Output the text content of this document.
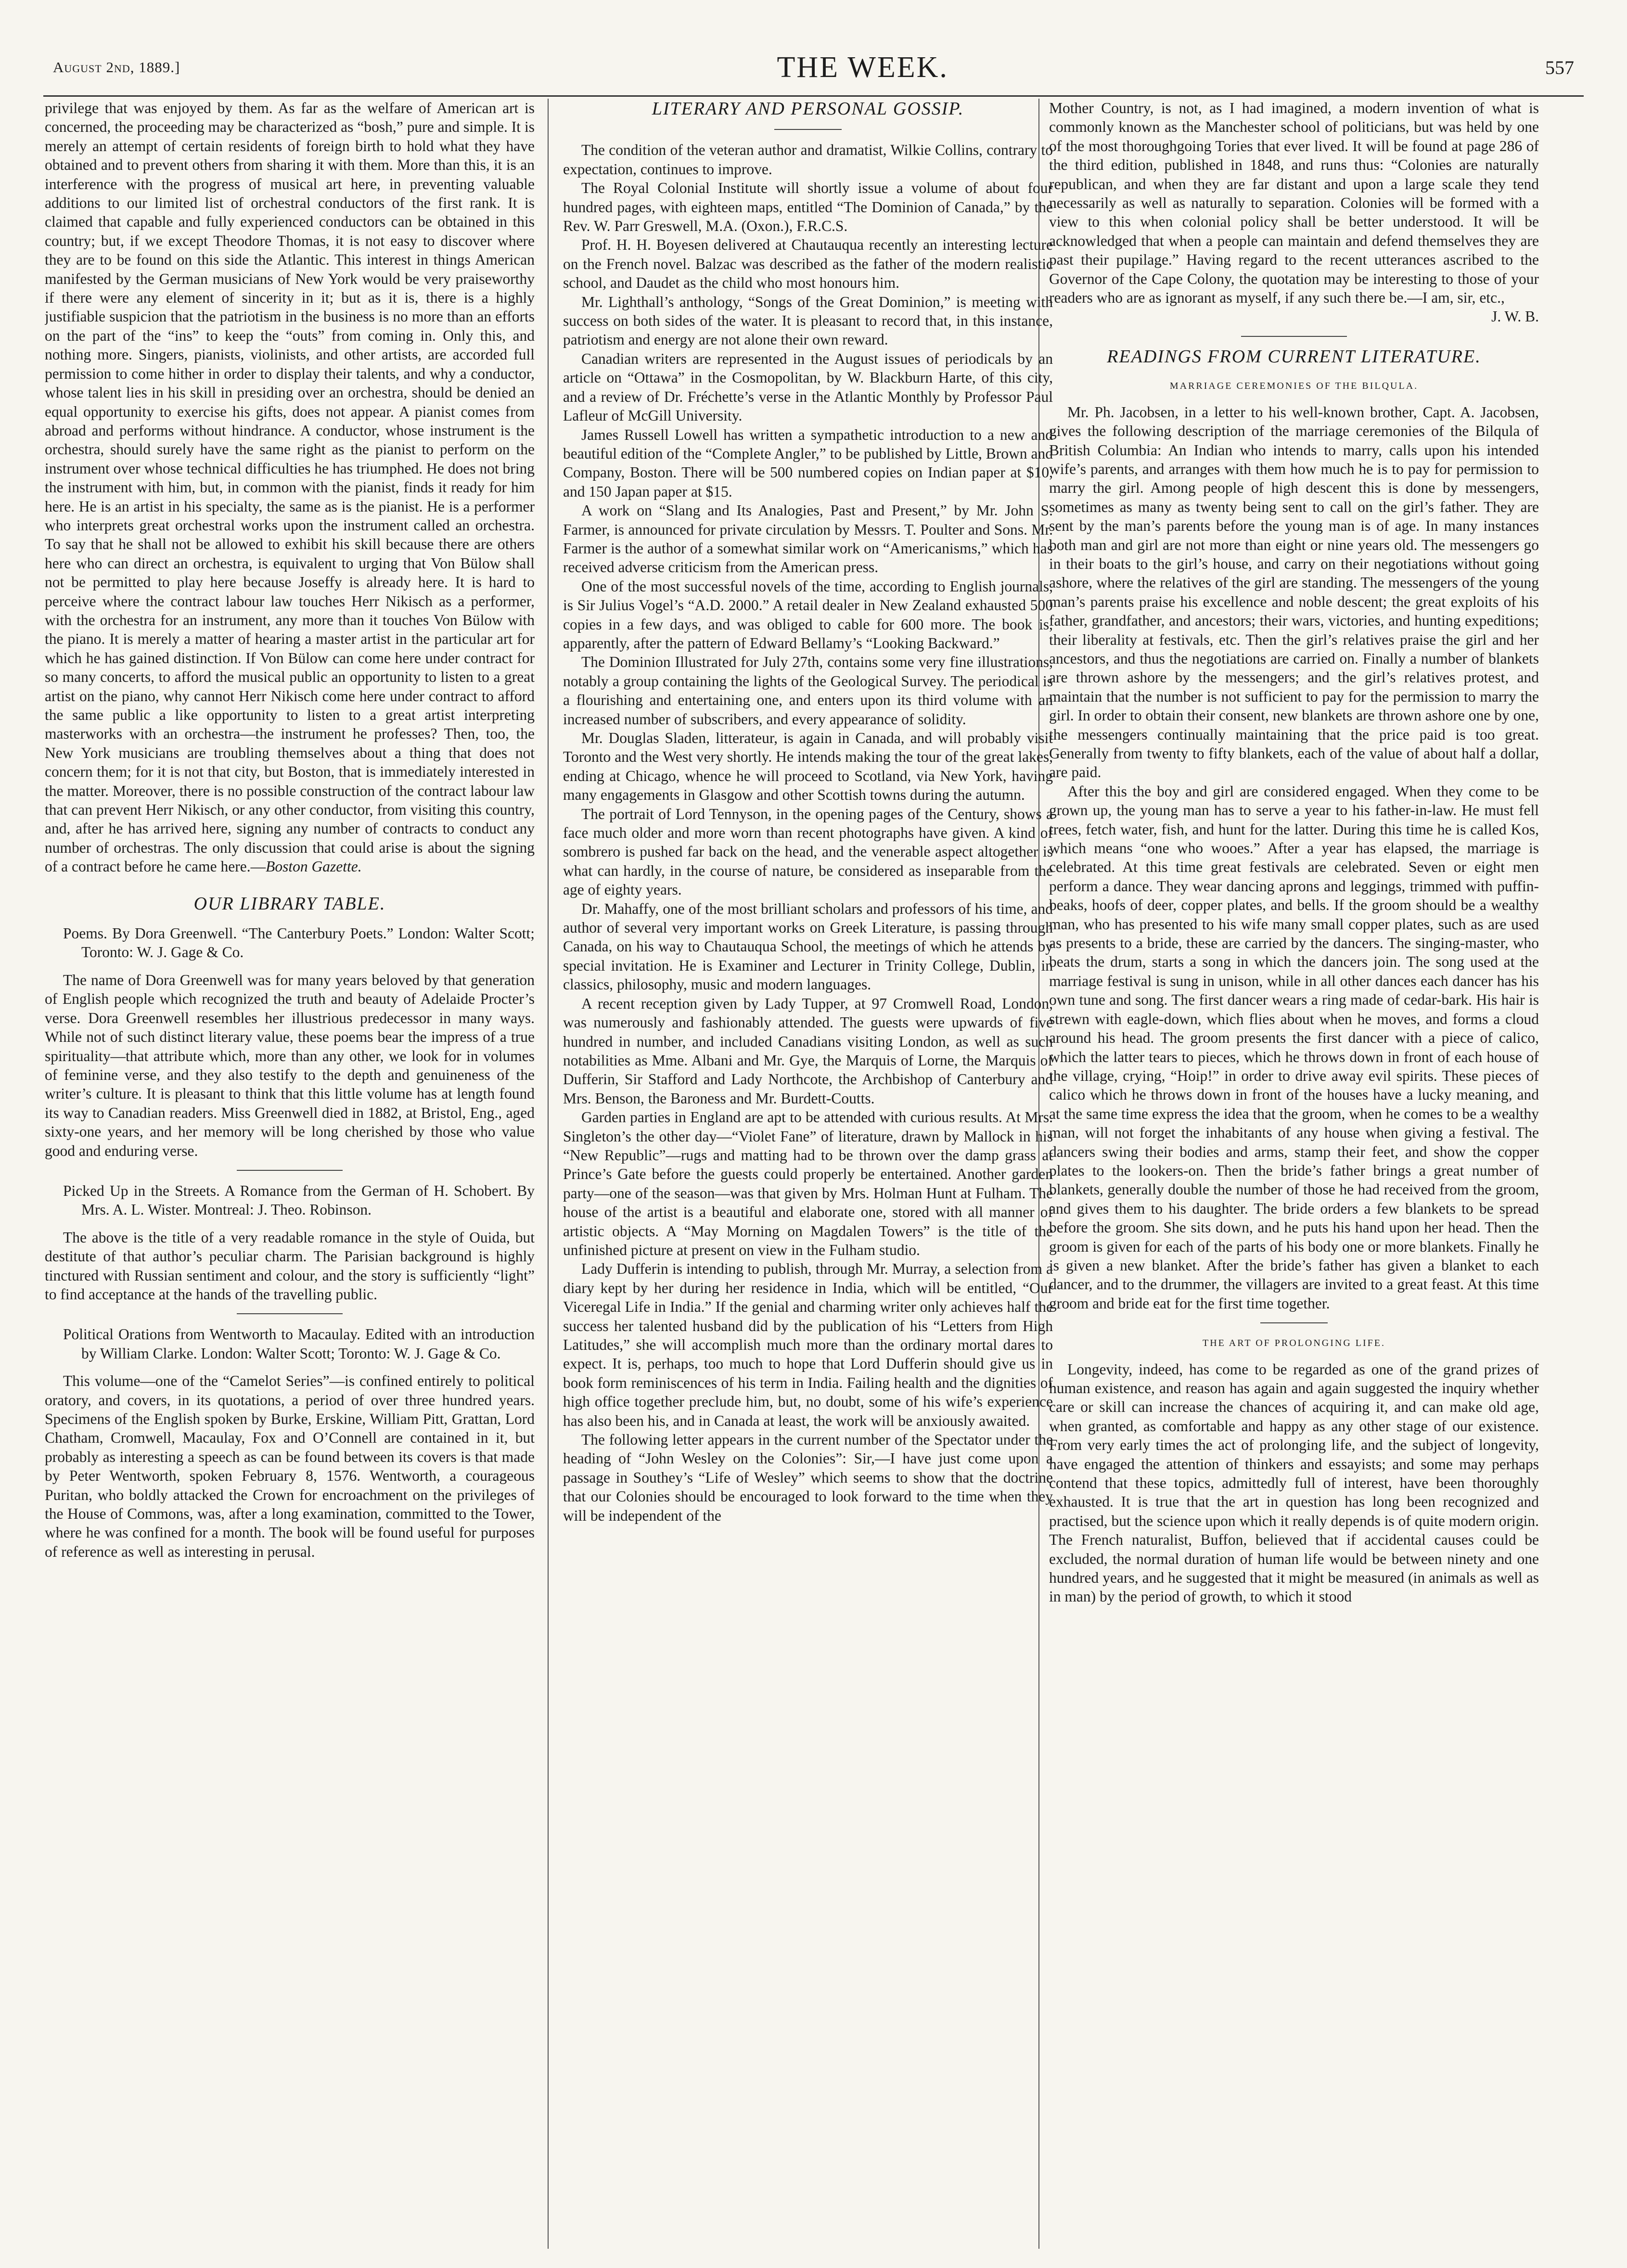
August 2nd, 1889.]	THE WEEK.	557

privilege that was enjoyed by them. As far as the welfare of American art is concerned, the proceeding may be characterized as “bosh,” pure and simple. It is merely an attempt of certain residents of foreign birth to hold what they have obtained and to prevent others from sharing it with them. More than this, it is an interference with the progress of musical art here, in preventing valuable additions to our limited list of orchestral conductors of the first rank. It is claimed that capable and fully experienced conductors can be obtained in this country; but, if we except Theodore Thomas, it is not easy to discover where they are to be found on this side the Atlantic. This interest in things American manifested by the German musicians of New York would be very praiseworthy if there were any element of sincerity in it; but as it is, there is a highly justifiable suspicion that the patriotism in the business is no more than an efforts on the part of the “ins” to keep the “outs” from coming in. Only this, and nothing more. Singers, pianists, violinists, and other artists, are accorded full permission to come hither in order to display their talents, and why a conductor, whose talent lies in his skill in presiding over an orchestra, should be denied an equal opportunity to exercise his gifts, does not appear. A pianist comes from abroad and performs without hindrance. A conductor, whose instrument is the orchestra, should surely have the same right as the pianist to perform on the instrument over whose technical difficulties he has triumphed. He does not bring the instrument with him, but, in common with the pianist, finds it ready for him here. He is an artist in his specialty, the same as is the pianist. He is a performer who interprets great orchestral works upon the instrument called an orchestra. To say that he shall not be allowed to exhibit his skill because there are others here who can direct an orchestra, is equivalent to urging that Von Bülow shall not be permitted to play here because Joseffy is already here. It is hard to perceive where the contract labour law touches Herr Nikisch as a performer, with the orchestra for an instrument, any more than it touches Von Bülow with the piano. It is merely a matter of hearing a master artist in the particular art for which he has gained distinction. If Von Bülow can come here under contract for so many concerts, to afford the musical public an opportunity to listen to a great artist on the piano, why cannot Herr Nikisch come here under contract to afford the same public a like opportunity to listen to a great artist interpreting masterworks with an orchestra—the instrument he professes? Then, too, the New York musicians are troubling themselves about a thing that does not concern them; for it is not that city, but Boston, that is immediately interested in the matter. Moreover, there is no possible construction of the contract labour law that can prevent Herr Nikisch, or any other conductor, from visiting this country, and, after he has arrived here, signing any number of contracts to conduct any number of orchestras. The only discussion that could arise is about the signing of a contract before he came here.—Boston Gazette.

OUR LIBRARY TABLE.

Poems. By Dora Greenwell. “The Canterbury Poets.” London: Walter Scott; Toronto: W. J. Gage & Co.

The name of Dora Greenwell was for many years beloved by that generation of English people which recognized the truth and beauty of Adelaide Procter’s verse. Dora Greenwell resembles her illustrious predecessor in many ways. While not of such distinct literary value, these poems bear the impress of a true spirituality—that attribute which, more than any other, we look for in volumes of feminine verse, and they also testify to the depth and genuineness of the writer’s culture. It is pleasant to think that this little volume has at length found its way to Canadian readers. Miss Greenwell died in 1882, at Bristol, Eng., aged sixty-one years, and her memory will be long cherished by those who value good and enduring verse.

Picked Up in the Streets. A Romance from the German of H. Schobert. By Mrs. A. L. Wister. Montreal: J. Theo. Robinson.

The above is the title of a very readable romance in the style of Ouida, but destitute of that author’s peculiar charm. The Parisian background is highly tinctured with Russian sentiment and colour, and the story is sufficiently “light” to find acceptance at the hands of the travelling public.

Political Orations from Wentworth to Macaulay. Edited with an introduction by William Clarke. London: Walter Scott; Toronto: W. J. Gage & Co.

This volume—one of the “Camelot Series”—is confined entirely to political oratory, and covers, in its quotations, a period of over three hundred years. Specimens of the English spoken by Burke, Erskine, William Pitt, Grattan, Lord Chatham, Cromwell, Macaulay, Fox and O’Connell are contained in it, but probably as interesting a speech as can be found between its covers is that made by Peter Wentworth, spoken February 8, 1576. Wentworth, a courageous Puritan, who boldly attacked the Crown for encroachment on the privileges of the House of Commons, was, after a long examination, committed to the Tower, where he was confined for a month. The book will be found useful for purposes of reference as well as interesting in perusal.

LITERARY AND PERSONAL GOSSIP.

The condition of the veteran author and dramatist, Wilkie Collins, contrary to expectation, continues to improve.

The Royal Colonial Institute will shortly issue a volume of about four hundred pages, with eighteen maps, entitled “The Dominion of Canada,” by the Rev. W. Parr Greswell, M.A. (Oxon.), F.R.C.S.

Prof. H. H. Boyesen delivered at Chautauqua recently an interesting lecture on the French novel. Balzac was described as the father of the modern realistic school, and Daudet as the child who most honours him.

Mr. Lighthall’s anthology, “Songs of the Great Dominion,” is meeting with success on both sides of the water. It is pleasant to record that, in this instance, patriotism and energy are not alone their own reward.

Canadian writers are represented in the August issues of periodicals by an article on “Ottawa” in the Cosmopolitan, by W. Blackburn Harte, of this city, and a review of Dr. Fréchette’s verse in the Atlantic Monthly by Professor Paul Lafleur of McGill University.

James Russell Lowell has written a sympathetic introduction to a new and beautiful edition of the “Complete Angler,” to be published by Little, Brown and Company, Boston. There will be 500 numbered copies on Indian paper at $10, and 150 Japan paper at $15.

A work on “Slang and Its Analogies, Past and Present,” by Mr. John S. Farmer, is announced for private circulation by Messrs. T. Poulter and Sons. Mr. Farmer is the author of a somewhat similar work on “Americanisms,” which has received adverse criticism from the American press.

One of the most successful novels of the time, according to English journals, is Sir Julius Vogel’s “A.D. 2000.” A retail dealer in New Zealand exhausted 500 copies in a few days, and was obliged to cable for 600 more. The book is, apparently, after the pattern of Edward Bellamy’s “Looking Backward.”

The Dominion Illustrated for July 27th, contains some very fine illustrations, notably a group containing the lights of the Geological Survey. The periodical is a flourishing and entertaining one, and enters upon its third volume with an increased number of subscribers, and every appearance of solidity.

Mr. Douglas Sladen, litterateur, is again in Canada, and will probably visit Toronto and the West very shortly. He intends making the tour of the great lakes, ending at Chicago, whence he will proceed to Scotland, via New York, having many engagements in Glasgow and other Scottish towns during the autumn.

The portrait of Lord Tennyson, in the opening pages of the Century, shows a face much older and more worn than recent photographs have given. A kind of sombrero is pushed far back on the head, and the venerable aspect altogether is what can hardly, in the course of nature, be considered as inseparable from the age of eighty years.

Dr. Mahaffy, one of the most brilliant scholars and professors of his time, and author of several very important works on Greek Literature, is passing through Canada, on his way to Chautauqua School, the meetings of which he attends by special invitation. He is Examiner and Lecturer in Trinity College, Dublin, in classics, philosophy, music and modern languages.

A recent reception given by Lady Tupper, at 97 Cromwell Road, London, was numerously and fashionably attended. The guests were upwards of five hundred in number, and included Canadians visiting London, as well as such notabilities as Mme. Albani and Mr. Gye, the Marquis of Lorne, the Marquis of Dufferin, Sir Stafford and Lady Northcote, the Archbishop of Canterbury and Mrs. Benson, the Baroness and Mr. Burdett-Coutts.

Garden parties in England are apt to be attended with curious results. At Mrs. Singleton’s the other day—“Violet Fane” of literature, drawn by Mallock in his “New Republic”—rugs and matting had to be thrown over the damp grass at Prince’s Gate before the guests could properly be entertained. Another garden party—one of the season—was that given by Mrs. Holman Hunt at Fulham. The house of the artist is a beautiful and elaborate one, stored with all manner of artistic objects. A “May Morning on Magdalen Towers” is the title of the unfinished picture at present on view in the Fulham studio.

Lady Dufferin is intending to publish, through Mr. Murray, a selection from a diary kept by her during her residence in India, which will be entitled, “Our Viceregal Life in India.” If the genial and charming writer only achieves half the success her talented husband did by the publication of his “Letters from High Latitudes,” she will accomplish much more than the ordinary mortal dares to expect. It is, perhaps, too much to hope that Lord Dufferin should give us in book form reminiscences of his term in India. Failing health and the dignities of high office together preclude him, but, no doubt, some of his wife’s experience has also been his, and in Canada at least, the work will be anxiously awaited.

The following letter appears in the current number of the Spectator under the heading of “John Wesley on the Colonies”: Sir,—I have just come upon a passage in Southey’s “Life of Wesley” which seems to show that the doctrine that our Colonies should be encouraged to look forward to the time when they will be independent of the

Mother Country, is not, as I had imagined, a modern invention of what is commonly known as the Manchester school of politicians, but was held by one of the most thoroughgoing Tories that ever lived. It will be found at page 286 of the third edition, published in 1848, and runs thus: “Colonies are naturally republican, and when they are far distant and upon a large scale they tend necessarily as well as naturally to separation. Colonies will be formed with a view to this when colonial policy shall be better understood. It will be acknowledged that when a people can maintain and defend themselves they are past their pupilage.” Having regard to the recent utterances ascribed to the Governor of the Cape Colony, the quotation may be interesting to those of your readers who are as ignorant as myself, if any such there be.—I am, sir, etc.,

J. W. B.

READINGS FROM CURRENT LITERATURE.
MARRIAGE CEREMONIES OF THE BILQULA.

Mr. Ph. Jacobsen, in a letter to his well-known brother, Capt. A. Jacobsen, gives the following description of the marriage ceremonies of the Bilqula of British Columbia: An Indian who intends to marry, calls upon his intended wife’s parents, and arranges with them how much he is to pay for permission to marry the girl. Among people of high descent this is done by messengers, sometimes as many as twenty being sent to call on the girl’s father. They are sent by the man’s parents before the young man is of age. In many instances both man and girl are not more than eight or nine years old. The messengers go in their boats to the girl’s house, and carry on their negotiations without going ashore, where the relatives of the girl are standing. The messengers of the young man’s parents praise his excellence and noble descent; the great exploits of his father, grandfather, and ancestors; their wars, victories, and hunting expeditions; their liberality at festivals, etc. Then the girl’s relatives praise the girl and her ancestors, and thus the negotiations are carried on. Finally a number of blankets are thrown ashore by the messengers; and the girl’s relatives protest, and maintain that the number is not sufficient to pay for the permission to marry the girl. In order to obtain their consent, new blankets are thrown ashore one by one, the messengers continually maintaining that the price paid is too great. Generally from twenty to fifty blankets, each of the value of about half a dollar, are paid.

After this the boy and girl are considered engaged. When they come to be grown up, the young man has to serve a year to his father-in-law. He must fell trees, fetch water, fish, and hunt for the latter. During this time he is called Kos, which means “one who wooes.” After a year has elapsed, the marriage is celebrated. At this time great festivals are celebrated. Seven or eight men perform a dance. They wear dancing aprons and leggings, trimmed with puffin-beaks, hoofs of deer, copper plates, and bells. If the groom should be a wealthy man, who has presented to his wife many small copper plates, such as are used as presents to a bride, these are carried by the dancers. The singing-master, who beats the drum, starts a song in which the dancers join. The song used at the marriage festival is sung in unison, while in all other dances each dancer has his own tune and song. The first dancer wears a ring made of cedar-bark. His hair is strewn with eagle-down, which flies about when he moves, and forms a cloud around his head. The groom presents the first dancer with a piece of calico, which the latter tears to pieces, which he throws down in front of each house of the village, crying, “Hoip!” in order to drive away evil spirits. These pieces of calico which he throws down in front of the houses have a lucky meaning, and at the same time express the idea that the groom, when he comes to be a wealthy man, will not forget the inhabitants of any house when giving a festival. The dancers swing their bodies and arms, stamp their feet, and show the copper plates to the lookers-on. Then the bride’s father brings a great number of blankets, generally double the number of those he had received from the groom, and gives them to his daughter. The bride orders a few blankets to be spread before the groom. She sits down, and he puts his hand upon her head. Then the groom is given for each of the parts of his body one or more blankets. Finally he is given a new blanket. After the bride’s father has given a blanket to each dancer, and to the drummer, the villagers are invited to a great feast. At this time groom and bride eat for the first time together.

THE ART OF PROLONGING LIFE.

Longevity, indeed, has come to be regarded as one of the grand prizes of human existence, and reason has again and again suggested the inquiry whether care or skill can increase the chances of acquiring it, and can make old age, when granted, as comfortable and happy as any other stage of our existence. From very early times the act of prolonging life, and the subject of longevity, have engaged the attention of thinkers and essayists; and some may perhaps contend that these topics, admittedly full of interest, have been thoroughly exhausted. It is true that the art in question has long been recognized and practised, but the science upon which it really depends is of quite modern origin. The French naturalist, Buffon, believed that if accidental causes could be excluded, the normal duration of human life would be between ninety and one hundred years, and he suggested that it might be measured (in animals as well as in man) by the period of growth, to which it stood
